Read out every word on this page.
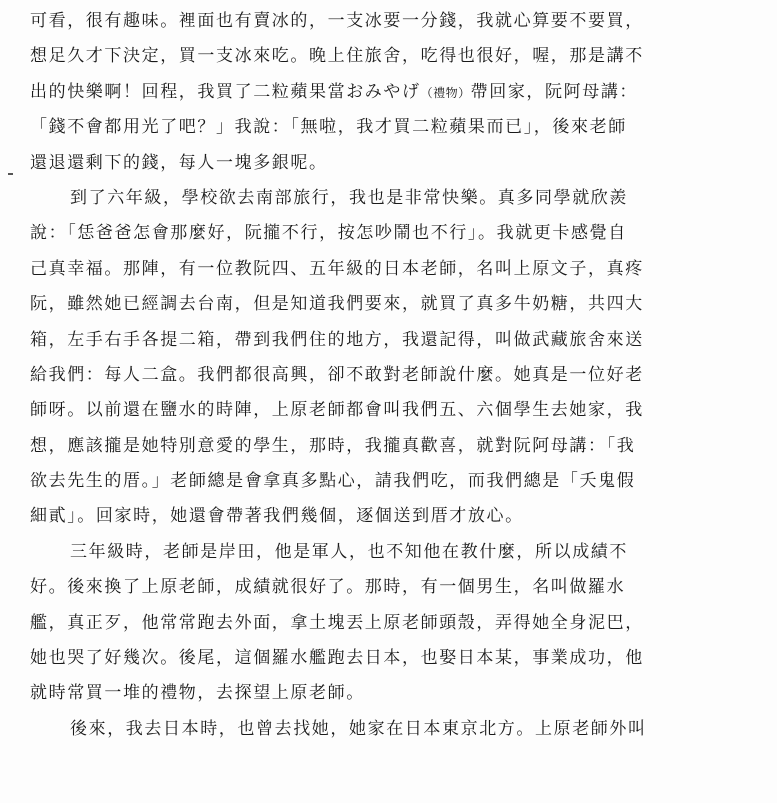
可看，很有趣味。裡面也有賣冰的，一支冰要一分錢，我就心算要不要買，
想足久才下決定，買一支冰來吃。晚上住旅舍，吃得也很好，喔，那是講不
出的快樂啊！回程，我買了二粒蘋果當おみやげ（禮物）帶回家，阮阿母講：
「錢不會都用光了吧？」我說：「無啦，我才買二粒蘋果而已」，後來老師
還退還剩下的錢，每人一塊多銀呢。
到了六年級，學校欲去南部旅行，我也是非常快樂。真多同學就欣羨
說：「恁爸爸怎會那麼好，阮攏不行，按怎吵鬧也不行」。我就更卡感覺自
己真幸福。那陣，有一位教阮四、五年級的日本老師，名叫上原文子，真疼
阮，雖然她已經調去台南，但是知道我們要來，就買了真多牛奶糖，共四大
箱，左手右手各提二箱，帶到我們住的地方，我還記得，叫做武藏旅舍來送
給我們：每人二盒。我們都很高興，卻不敢對老師說什麼。她真是一位好老
師呀。以前還在鹽水的時陣，上原老師都會叫我們五、六個學生去她家，我
想，應該攏是她特別意愛的學生，那時，我攏真歡喜，就對阮阿母講：「我
欲去先生的厝。」老師總是會拿真多點心，請我們吃，而我們總是「夭鬼假
細貳」。回家時，她還會帶著我們幾個，逐個送到厝才放心。
三年級時，老師是岸田，他是軍人，也不知他在教什麼，所以成績不
好。後來換了上原老師，成績就很好了。那時，有一個男生，名叫做羅水
艦，真正歹，他常常跑去外面，拿土塊丟上原老師頭殼，弄得她全身泥巴，
她也哭了好幾次。後尾，這個羅水艦跑去日本，也娶日本某，事業成功，他
就時常買一堆的禮物，去探望上原老師。
後來，我去日本時，也曾去找她，她家在日本東京北方。上原老師外叫
